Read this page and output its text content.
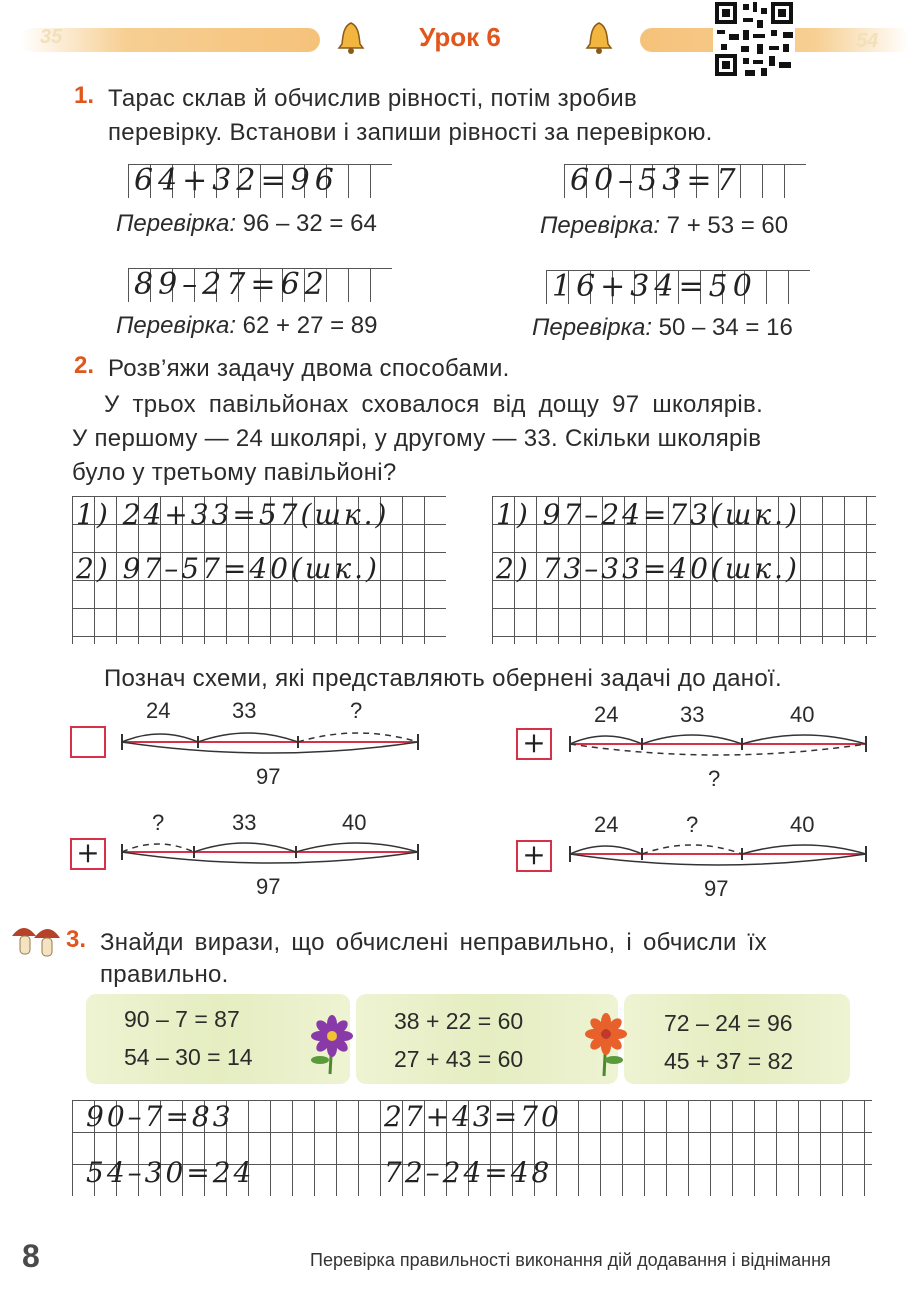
35	54
Урок 6
1. Тарас склав й обчислив рівності, потім зробив
перевірку. Встанови і запиши рівності за перевіркою.
64+32=96
Перевірка: 96 – 32 = 64
60–53=7
Перевірка: 7 + 53 = 60
89–27=62
Перевірка: 62 + 27 = 89
16+34=50
Перевірка: 50 – 34 = 16
2. Розв’яжи задачу двома способами.
У трьох павільйонах сховалося від дощу 97 школярів.
У першому — 24 школярі, у другому — 33. Скільки школярів
було у третьому павільйоні?
1) 24+33=57(шк.)
2) 97–57=40(шк.)
1) 97–24=73(шк.)
2) 73–33=40(шк.)
Познач схеми, які представляють обернені задачі до даної.
24	33	?
97
+
24	33	40
?
+
?	33	40
97
+
24	?	40
97
3. Знайди вирази, що обчислені неправильно, і обчисли їх
правильно.
90 – 7 = 87
54 – 30 = 14
38 + 22 = 60
27 + 43 = 60
72 – 24 = 96
45 + 37 = 82
90–7=83	27+43=70
54–30=24	72–24=48
8	Перевірка правильності виконання дій додавання і віднімання
